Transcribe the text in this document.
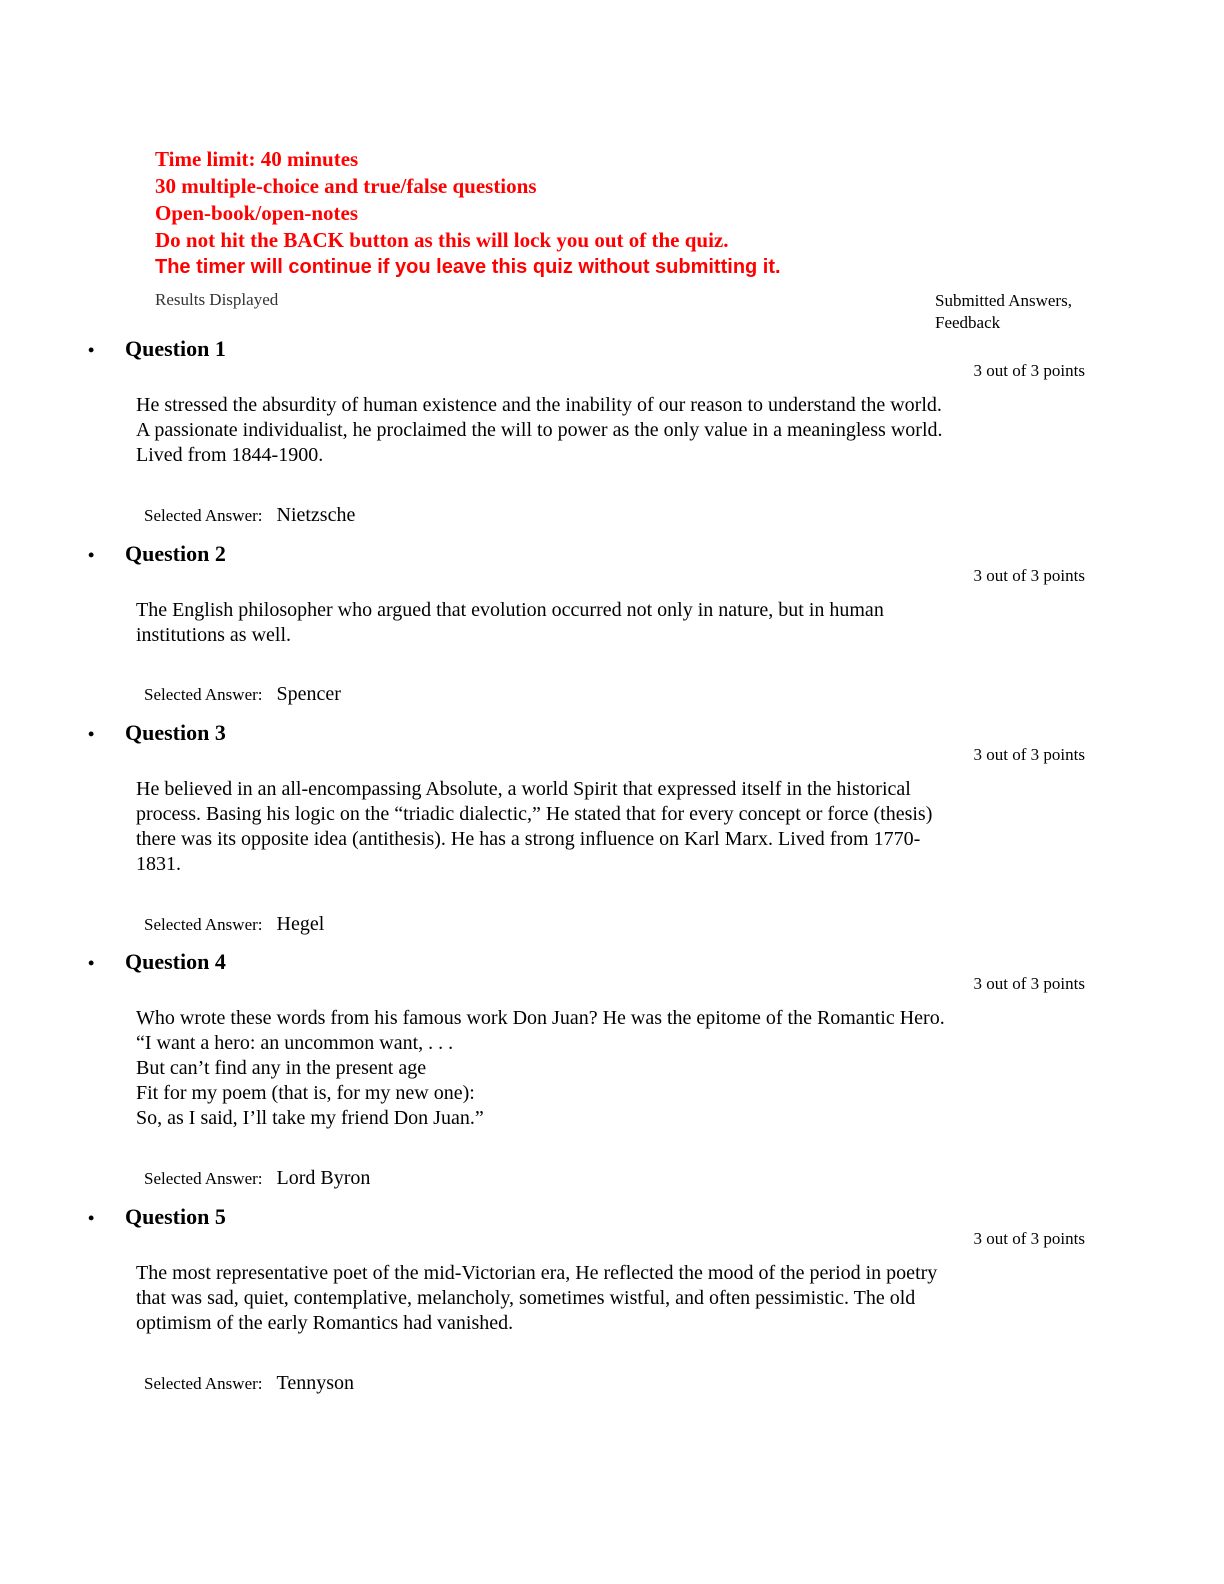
Time limit: 40 minutes
30 multiple-choice and true/false questions
Open-book/open-notes
Do not hit the BACK button as this will lock you out of the quiz.
The timer will continue if you leave this quiz without submitting it.
Results Displayed	Submitted Answers,
Feedback
• Question 1
3 out of 3 points
He stressed the absurdity of human existence and the inability of our reason to understand the world.
A passionate individualist, he proclaimed the will to power as the only value in a meaningless world.
Lived from 1844-1900.
Selected Answer: Nietzsche
• Question 2
3 out of 3 points
The English philosopher who argued that evolution occurred not only in nature, but in human
institutions as well.
Selected Answer: Spencer
• Question 3
3 out of 3 points
He believed in an all-encompassing Absolute, a world Spirit that expressed itself in the historical
process. Basing his logic on the “triadic dialectic,” He stated that for every concept or force (thesis)
there was its opposite idea (antithesis). He has a strong influence on Karl Marx. Lived from 1770-
1831.
Selected Answer: Hegel
• Question 4
3 out of 3 points
Who wrote these words from his famous work Don Juan? He was the epitome of the Romantic Hero.
“I want a hero: an uncommon want, . . .
But can’t find any in the present age
Fit for my poem (that is, for my new one):
So, as I said, I’ll take my friend Don Juan.”
Selected Answer: Lord Byron
• Question 5
3 out of 3 points
The most representative poet of the mid-Victorian era, He reflected the mood of the period in poetry
that was sad, quiet, contemplative, melancholy, sometimes wistful, and often pessimistic. The old
optimism of the early Romantics had vanished.
Selected Answer: Tennyson
